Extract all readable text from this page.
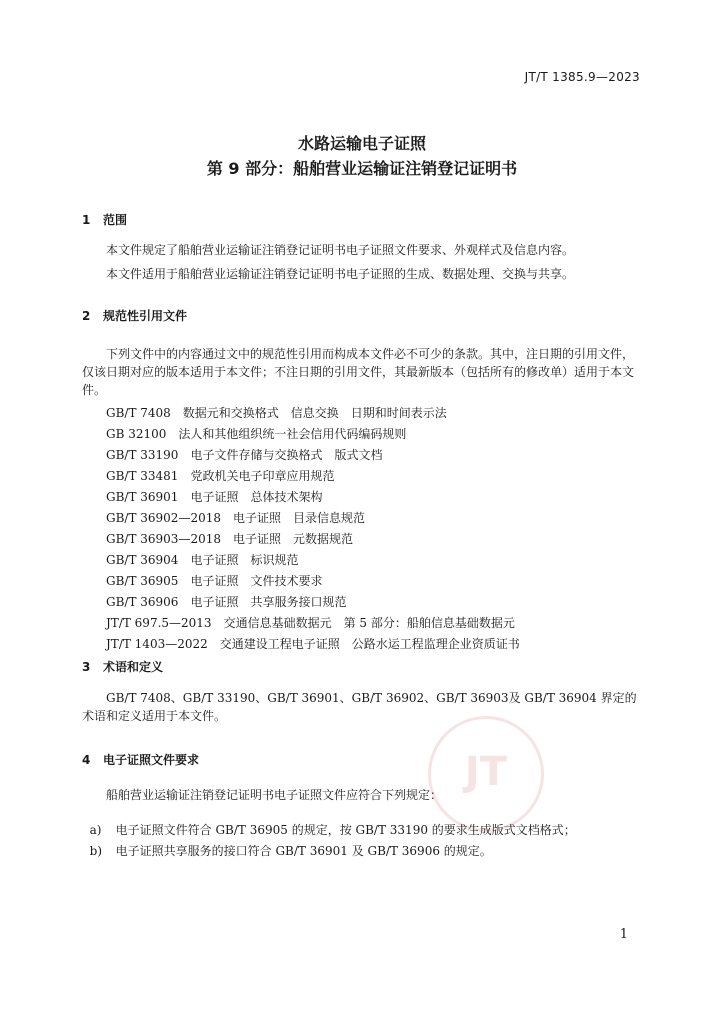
JT/T 1385.9—2023
水路运输电子证照
第 9 部分：船舶营业运输证注销登记证明书
1 范围
本文件规定了船舶营业运输证注销登记证明书电子证照文件要求、外观样式及信息内容。
本文件适用于船舶营业运输证注销登记证明书电子证照的生成、数据处理、交换与共享。
2 规范性引用文件
下列文件中的内容通过文中的规范性引用而构成本文件必不可少的条款。其中，注日期的引用文件，仅该日期对应的版本适用于本文件；不注日期的引用文件，其最新版本（包括所有的修改单）适用于本文件。
GB/T 7408　数据元和交换格式　信息交换　日期和时间表示法
GB 32100　法人和其他组织统一社会信用代码编码规则
GB/T 33190　电子文件存储与交换格式　版式文档
GB/T 33481　党政机关电子印章应用规范
GB/T 36901　电子证照　总体技术架构
GB/T 36902—2018　电子证照　目录信息规范
GB/T 36903—2018　电子证照　元数据规范
GB/T 36904　电子证照　标识规范
GB/T 36905　电子证照　文件技术要求
GB/T 36906　电子证照　共享服务接口规范
JT/T 697.5—2013　交通信息基础数据元　第 5 部分：船舶信息基础数据元
JT/T 1403—2022　交通建设工程电子证照　公路水运工程监理企业资质证书
3 术语和定义
GB/T 7408、GB/T 33190、GB/T 36901、GB/T 36902、GB/T 36903及 GB/T 36904 界定的术语和定义适用于本文件。
JT
4 电子证照文件要求
船舶营业运输证注销登记证明书电子证照文件应符合下列规定：

a) 电子证照文件符合 GB/T 36905 的规定，按 GB/T 33190 的要求生成版式文档格式；

b) 电子证照共享服务的接口符合 GB/T 36901 及 GB/T 36906 的规定。

1
